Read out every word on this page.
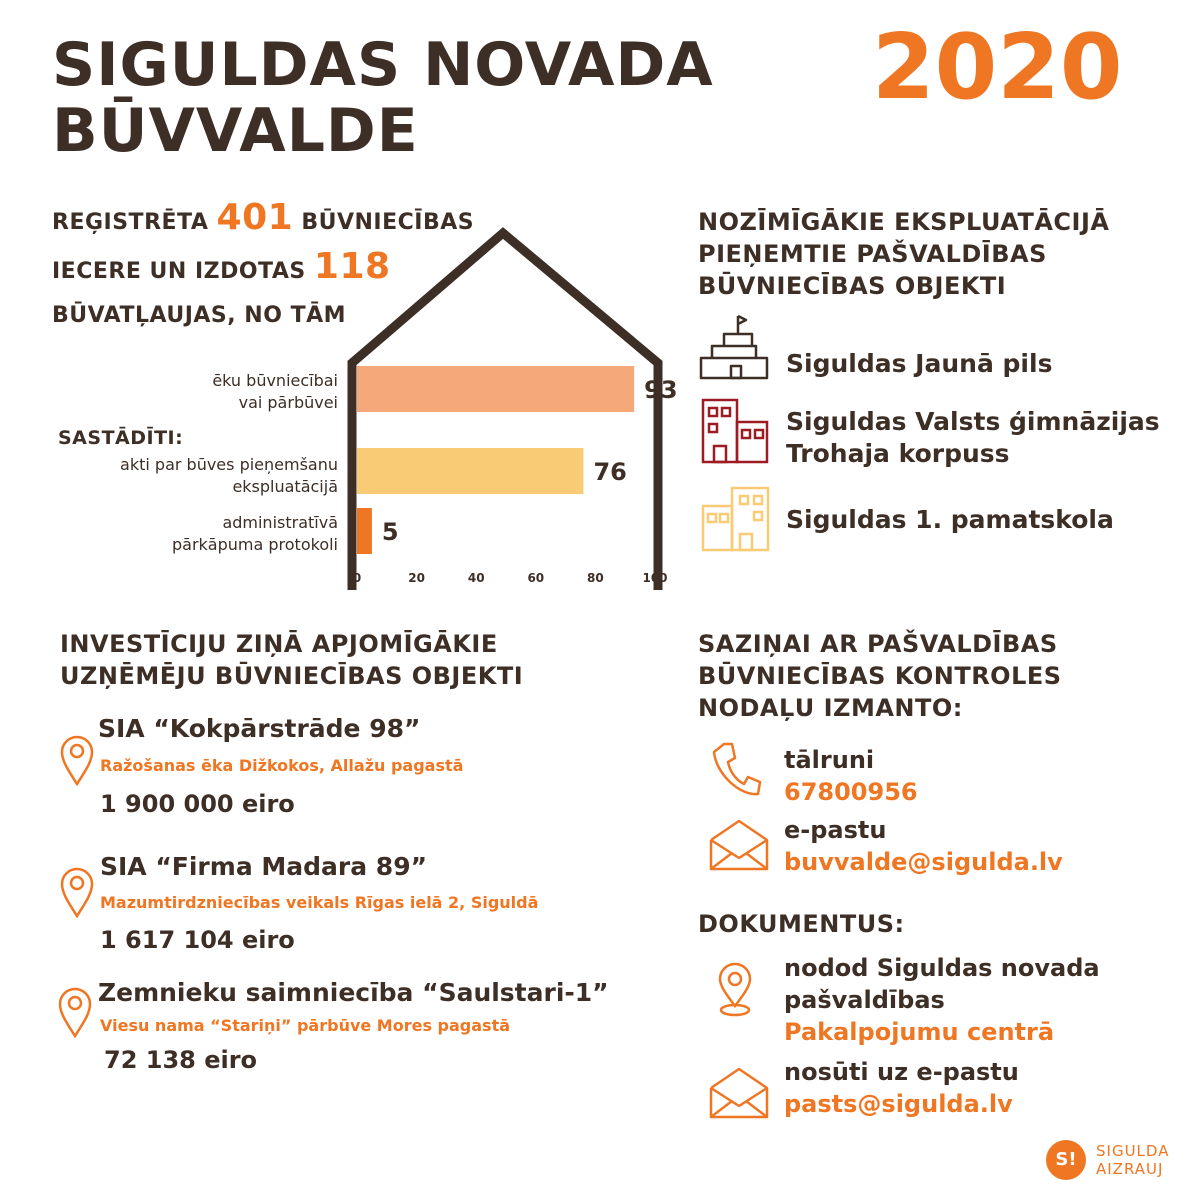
SIGULDAS NOVADA
BŪVVALDE
2020
REĢISTRĒTA 401 BŪVNIECĪBAS
IECERE UN IZDOTAS 118
BŪVATĻAUJAS, NO TĀM
93
76
5
0	20	40	60	80	100
ēku būvniecībai
vai pārbūvei
SASTĀDĪTI:
akti par būves pieņemšanu
ekspluatācijā
administratīvā
pārkāpuma protokoli
NOZĪMĪGĀKIE EKSPLUATĀCIJĀ
PIEŅEMTIE PAŠVALDĪBAS
BŪVNIECĪBAS OBJEKTI
Siguldas Jaunā pils
Siguldas Valsts ģimnāzijas
Trohaja korpuss
Siguldas 1. pamatskola
INVESTĪCIJU ZIŅĀ APJOMĪGĀKIE
UZŅĒMĒJU BŪVNIECĪBAS OBJEKTI
SIA “Kokpārstrāde 98”
Ražošanas ēka Dižkokos, Allažu pagastā
1 900 000 eiro
SIA “Firma Madara 89”
Mazumtirdzniecības veikals Rīgas ielā 2, Siguldā
1 617 104 eiro
Zemnieku saimniecība “Saulstari-1”
Viesu nama “Stariņi” pārbūve Mores pagastā
72 138 eiro
SAZIŅAI AR PAŠVALDĪBAS
BŪVNIECĪBAS KONTROLES
NODAĻU IZMANTO:
tālruni
67800956
e-pastu
buvvalde@sigulda.lv
DOKUMENTUS:
nodod Siguldas novada
pašvaldības
Pakalpojumu centrā
nosūti uz e-pastu
pasts@sigulda.lv
S!	SIGULDA
AIZRAUJ
